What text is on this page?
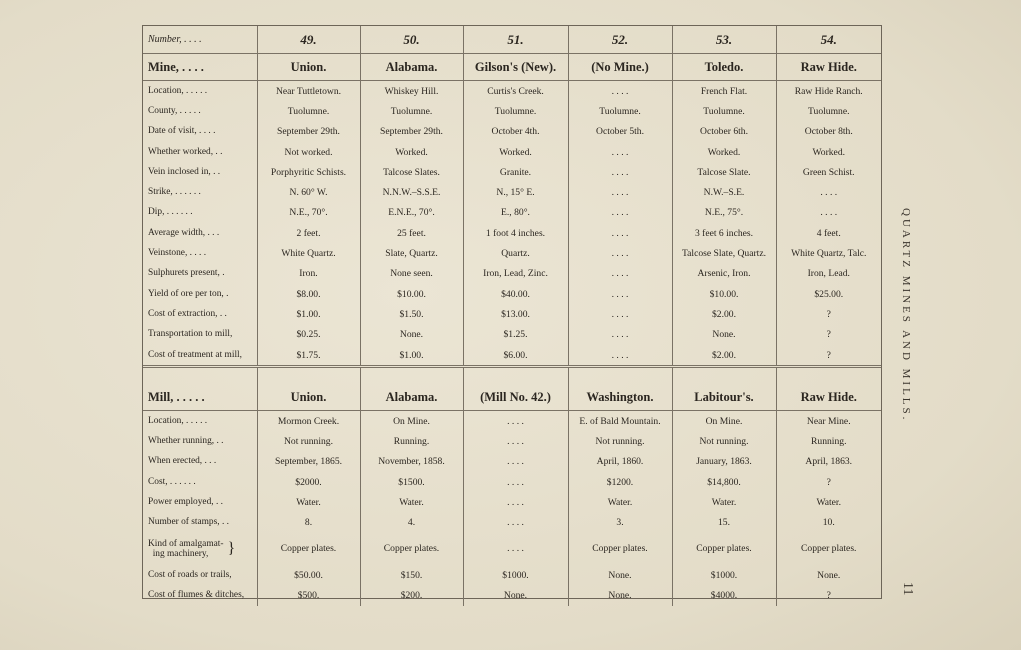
Number, . . . .	49.	50.	51.	52.	53.	54.
Mine, . . . .	Union.	Alabama.	Gilson's (New).	(No Mine.)	Toledo.	Raw Hide.
Location, . . . . .	Near Tuttletown.	Whiskey Hill.	Curtis's Creek.	. . . .	French Flat.	Raw Hide Ranch.
County, . . . . .	Tuolumne.	Tuolumne.	Tuolumne.	Tuolumne.	Tuolumne.	Tuolumne.
Date of visit, . . . .	September 29th.	September 29th.	October 4th.	October 5th.	October 6th.	October 8th.
Whether worked, . .	Not worked.	Worked.	Worked.	. . . .	Worked.	Worked.
Vein inclosed in, . .	Porphyritic Schists.	Talcose Slates.	Granite.	. . . .	Talcose Slate.	Green Schist.
Strike, . . . . . .	N. 60° W.	N.N.W.–S.S.E.	N., 15° E.	. . . .	N.W.–S.E.	. . . .
Dip, . . . . . .	N.E., 70°.	E.N.E., 70°.	E., 80°.	. . . .	N.E., 75°.	. . . .
Average width, . . .	2 feet.	25 feet.	1 foot 4 inches.	. . . .	3 feet 6 inches.	4 feet.
Veinstone, . . . .	White Quartz.	Slate, Quartz.	Quartz.	. . . .	Talcose Slate, Quartz.	White Quartz, Talc.
Sulphurets present, .	Iron.	None seen.	Iron, Lead, Zinc.	. . . .	Arsenic, Iron.	Iron, Lead.
Yield of ore per ton, .	$8.00.	$10.00.	$40.00.	. . . .	$10.00.	$25.00.
Cost of extraction, . .	$1.00.	$1.50.	$13.00.	. . . .	$2.00.	?
Transportation to mill,	$0.25.	None.	$1.25.	. . . .	None.	?
Cost of treatment at mill,	$1.75.	$1.00.	$6.00.	. . . .	$2.00.	?

Mill, . . . . .	Union.	Alabama.	(Mill No. 42.)	Washington.	Labitour's.	Raw Hide.
Location, . . . . .	Mormon Creek.	On Mine.	. . . .	E. of Bald Mountain.	On Mine.	Near Mine.
Whether running, . .	Not running.	Running.	. . . .	Not running.	Not running.	Running.
When erected, . . .	September, 1865.	November, 1858.	. . . .	April, 1860.	January, 1863.	April, 1863.
Cost, . . . . . .	$2000.	$1500.	. . . .	$1200.	$14,800.	?
Power employed, . .	Water.	Water.	. . . .	Water.	Water.	Water.
Number of stamps, . .	8.	4.	. . . .	3.	15.	10.
Kind of amalgamat-
ing machinery, }	Copper plates.	Copper plates.	. . . .	Copper plates.	Copper plates.	Copper plates.
Cost of roads or trails,	$50.00.	$150.	$1000.	None.	$1000.	None.
Cost of flumes & ditches,	$500.	$200.	None.	None.	$4000.	?
QUARTZ MINES AND MILLS.
11
